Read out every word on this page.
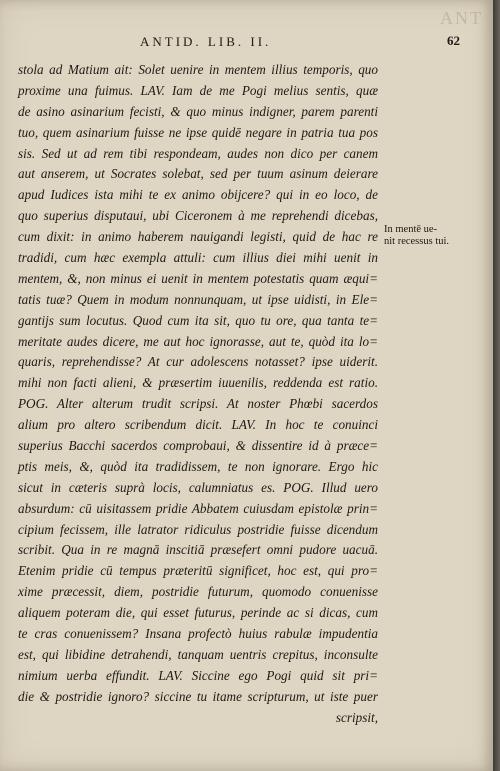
ANT
ANTID. LIB. II.	62
stola ad Matium ait: Solet uenire in mentem illius temporis, quo
proxime una fuimus. LAV. Iam de me Pogi melius sentis, quæ
de asino asinarium fecisti, & quo minus indigner, parem parenti
tuo, quem asinarium fuisse ne ipse quidē negare in patria tua pos
sis. Sed ut ad rem tibi respondeam, audes non dico per canem
aut anserem, ut Socrates solebat, sed per tuum asinum deierare
apud Iudices ista mihi te ex animo obijcere? qui in eo loco, de
quo superius disputaui, ubi Ciceronem à me reprehendi dicebas,
cum dixit: in animo haberem nauigandi legisti, quid de hac re
tradidi, cum hæc exempla attuli: cum illius diei mihi uenit in
mentem, &, non minus ei uenit in mentem potestatis quam æqui=
tatis tuæ? Quem in modum nonnunquam, ut ipse uidisti, in Ele=
gantijs sum locutus. Quod cum ita sit, quo tu ore, qua tanta te=
meritate audes dicere, me aut hoc ignorasse, aut te, quòd ita lo=
quaris, reprehendisse? At cur adolescens notasset? ipse uiderit.
mihi non facti alieni, & præsertim iuuenilis, reddenda est ratio.
POG. Alter alterum trudit scripsi. At noster Phœbi sacerdos
alium pro altero scribendum dicit. LAV. In hoc te conuinci
superius Bacchi sacerdos comprobaui, & dissentire id à præce=
ptis meis, &, quòd ita tradidissem, te non ignorare. Ergo hic
sicut in cæteris suprà locis, calumniatus es. POG. Illud uero
absurdum: cū uisitassem pridie Abbatem cuiusdam epistolæ prin=
cipium fecissem, ille latrator ridiculus postridie fuisse dicendum
scribit. Qua in re magnā inscitiā præsefert omni pudore uacuā.
Etenim pridie cū tempus præteritū significet, hoc est, qui pro=
xime præcessit, diem, postridie futurum, quomodo conuenisse
aliquem poteram die, qui esset futurus, perinde ac si dicas, cum
te cras conuenissem? Insana profectò huius rabulæ impudentia
est, qui libidine detrahendi, tanquam uentris crepitus, inconsulte
nimium uerba effundit. LAV. Siccine ego Pogi quid sit pri=
die & postridie ignoro? siccine tu itame scripturum, ut iste puer
scripsit,
In mentē ue-
nit recessus tui.
